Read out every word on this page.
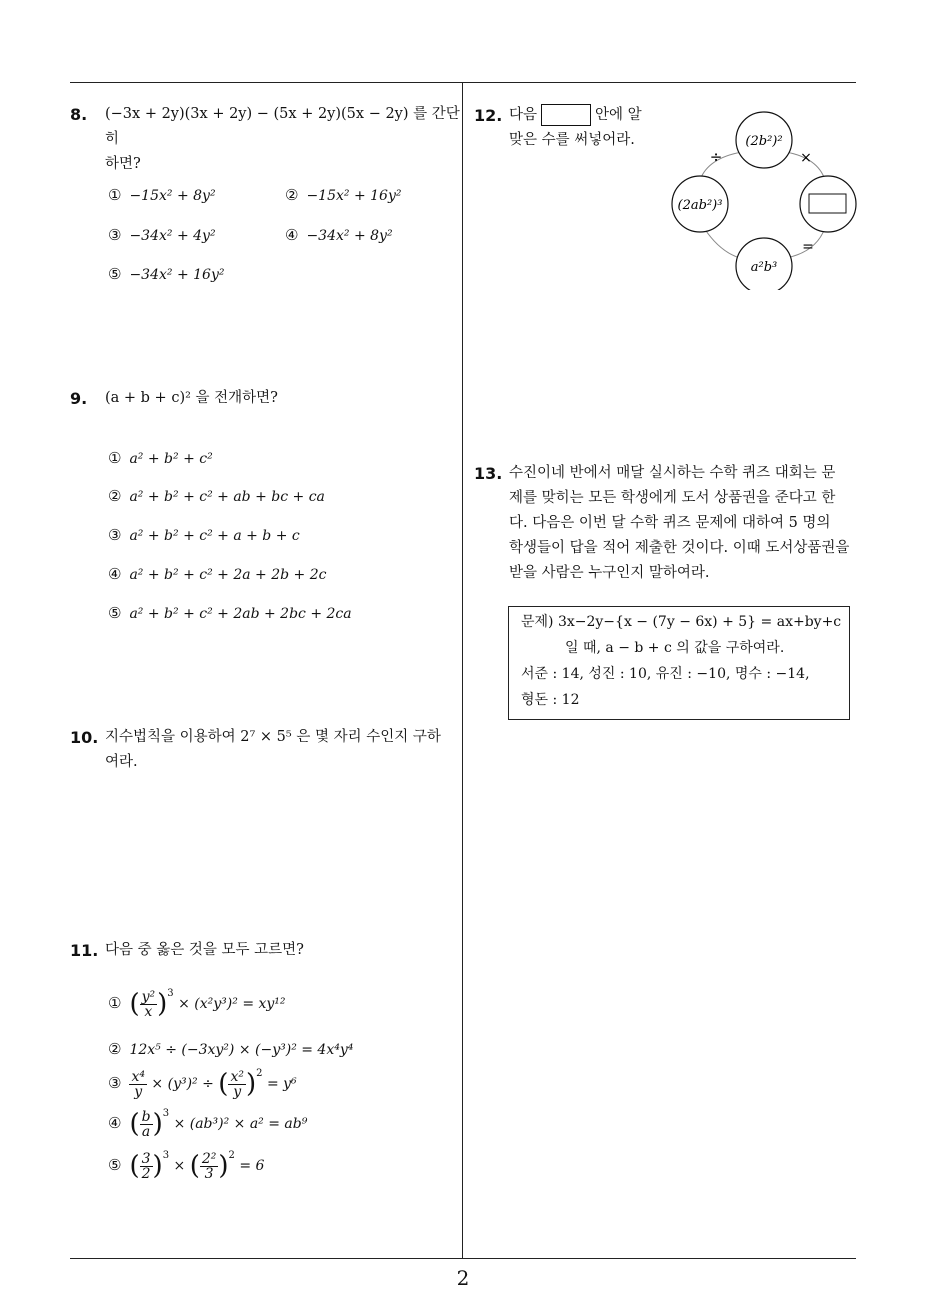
2
8. (−3x + 2y)(3x + 2y) − (5x + 2y)(5x − 2y) 를 간단히
하면?
① −15x² + 8y²	② −15x² + 16y²
③ −34x² + 4y²	④ −34x² + 8y²
⑤ −34x² + 16y²
9. (a + b + c)² 을 전개하면?
① a² + b² + c²
② a² + b² + c² + ab + bc + ca
③ a² + b² + c² + a + b + c
④ a² + b² + c² + 2a + 2b + 2c
⑤ a² + b² + c² + 2ab + 2bc + 2ca
10. 지수법칙을 이용하여 2⁷ × 5⁵ 은 몇 자리 수인지 구하
여라.
11. 다음 중 옳은 것을 모두 고르면?
① ( $\frac{\text{y²}}{x} )^3 \times (x^2y^3)^2 = xy^{12}$
② 12x⁵ ÷ (−3xy²) × (−y³)² = 4x⁴y⁴
③ $\frac{\text{x⁴}}{y} \times (y^3)^2$ ÷ ( $\frac{\text{x²}}{y} )^2 = y^6$
④ ( $\frac{b}{a} )^3 \times (ab^3)^2 \times a^2 = ab^9$
⑤ ( $\frac{3}{2} )^3$ × ( $\frac{\text{2²}}{3} )^2 = 6$
12. 다음	안에 알
맞은 수를 써넣어라.	(2b²)²
(2ab²)³
a²b³
÷	×
=
13. 수진이네 반에서 매달 실시하는 수학 퀴즈 대회는 문
제를 맞히는 모든 학생에게 도서 상품권을 준다고 한
다. 다음은 이번 달 수학 퀴즈 문제에 대하여 5 명의
학생들이 답을 적어 제출한 것이다. 이때 도서상품권을
받을 사람은 누구인지 말하여라.
문제) 3x−2y−{x − (7y − 6x) + 5} = ax+by+c
일 때, a − b + c 의 값을 구하여라.
서준 : 14, 성진 : 10, 유진 : −10, 명수 : −14,
형돈 : 12
